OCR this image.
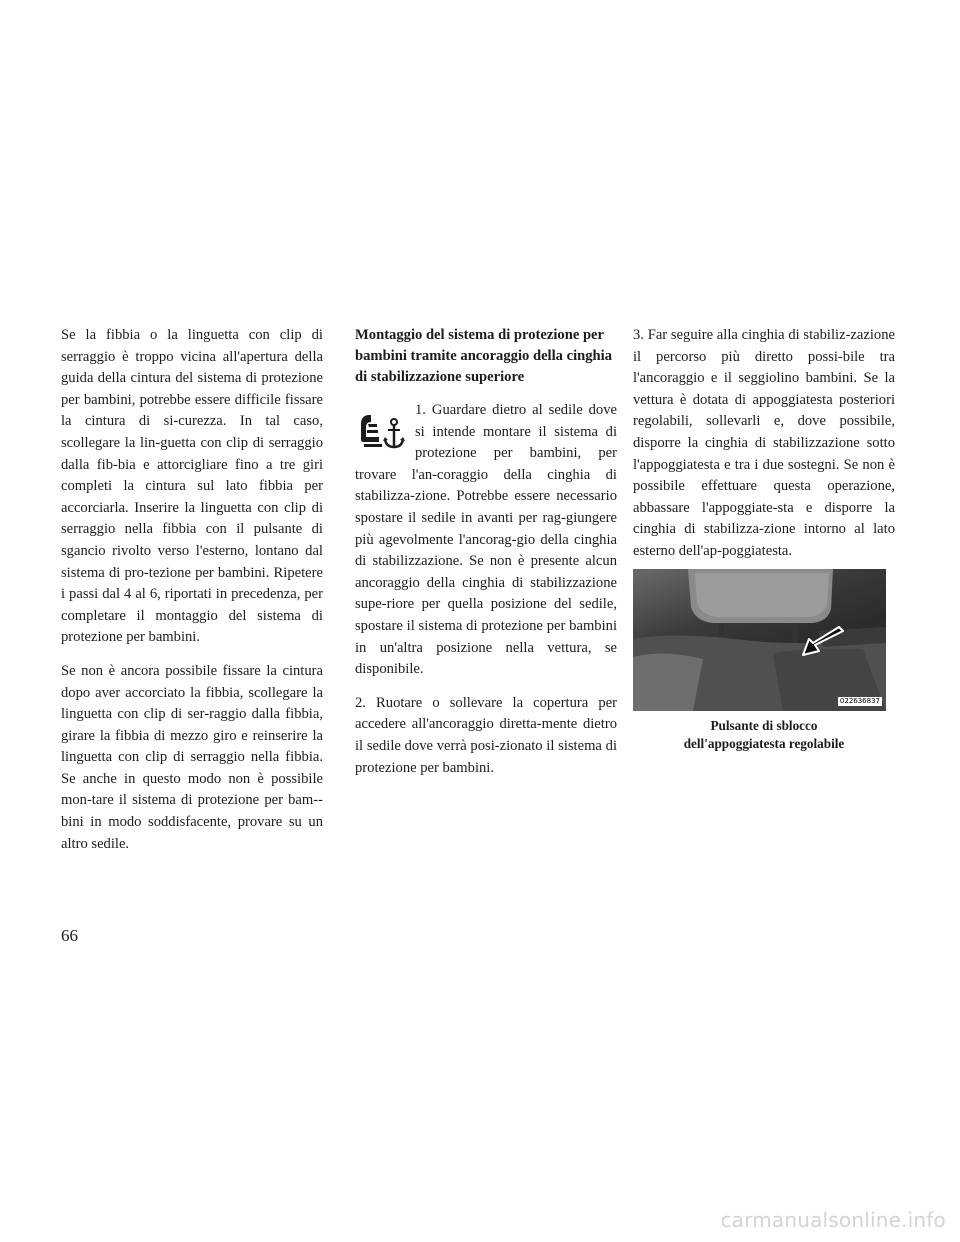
Se la fibbia o la linguetta con clip di serraggio è troppo vicina all'apertura della guida della cintura del sistema di protezione per bambini, potrebbe essere difficile fissare la cintura di si-curezza. In tal caso, scollegare la lin-guetta con clip di serraggio dalla fib-bia e attorcigliare fino a tre giri completi la cintura sul lato fibbia per accorciarla. Inserire la linguetta con clip di serraggio nella fibbia con il pulsante di sgancio rivolto verso l'esterno, lontano dal sistema di pro-tezione per bambini. Ripetere i passi dal 4 al 6, riportati in precedenza, per completare il montaggio del sistema di protezione per bambini.

Se non è ancora possibile fissare la cintura dopo aver accorciato la fibbia, scollegare la linguetta con clip di ser-raggio dalla fibbia, girare la fibbia di mezzo giro e reinserire la linguetta con clip di serraggio nella fibbia. Se anche in questo modo non è possibile mon-tare il sistema di protezione per bam-bini in modo soddisfacente, provare su un altro sedile.

Montaggio del sistema di protezione per bambini tramite ancoraggio della cinghia di stabilizzazione superiore

1. Guardare dietro al sedile dove si intende montare il sistema di protezione per bambini, per trovare l'an-coraggio della cinghia di stabilizza-zione. Potrebbe essere necessario spostare il sedile in avanti per rag-giungere più agevolmente l'ancorag-gio della cinghia di stabilizzazione. Se non è presente alcun ancoraggio della cinghia di stabilizzazione supe-riore per quella posizione del sedile, spostare il sistema di protezione per bambini in un'altra posizione nella vettura, se disponibile.

2. Ruotare o sollevare la copertura per accedere all'ancoraggio diretta-mente dietro il sedile dove verrà posi-zionato il sistema di protezione per bambini.

3. Far seguire alla cinghia di stabiliz-zazione il percorso più diretto possi-bile tra l'ancoraggio e il seggiolino bambini. Se la vettura è dotata di appoggiatesta posteriori regolabili, sollevarli e, dove possibile, disporre la cinghia di stabilizzazione sotto l'appoggiatesta e tra i due sostegni. Se non è possibile effettuare questa operazione, abbassare l'appoggiate-sta e disporre la cinghia di stabilizza-zione intorno al lato esterno dell'ap-poggiatesta.

022636837
Pulsante di sblocco
dell'appoggiatesta regolabile
66
carmanualsonline.info
